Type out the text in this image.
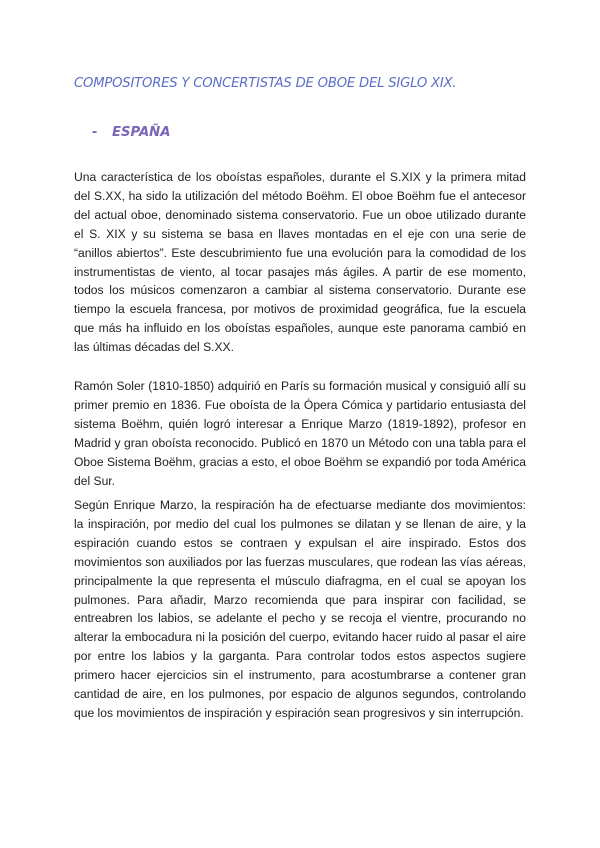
COMPOSITORES Y CONCERTISTAS DE OBOE DEL SIGLO XIX.
- ESPAÑA

Una característica de los oboístas españoles, durante el S.XIX y la primera mitad del S.XX, ha sido la utilización del método Boëhm. El oboe Boëhm fue el antecesor del actual oboe, denominado sistema conservatorio. Fue un oboe utilizado durante el S. XIX y su sistema se basa en llaves montadas en el eje con una serie de “anillos abiertos”. Este descubrimiento fue una evolución para la comodidad de los instrumentistas de viento, al tocar pasajes más ágiles. A partir de ese momento, todos los músicos comenzaron a cambiar al sistema conservatorio. Durante ese tiempo la escuela francesa, por motivos de proximidad geográfica, fue la escuela que más ha influido en los oboístas españoles, aunque este panorama cambió en las últimas décadas del S.XX.

Ramón Soler (1810-1850) adquirió en París su formación musical y consiguió allí su primer premio en 1836. Fue oboísta de la Ópera Cómica y partidario entusiasta del sistema Boëhm, quién logró interesar a Enrique Marzo (1819-1892), profesor en Madrid y gran oboísta reconocido. Publicó en 1870 un Método con una tabla para el Oboe Sistema Boëhm, gracias a esto, el oboe Boëhm se expandió por toda América del Sur.

Según Enrique Marzo, la respiración ha de efectuarse mediante dos movimientos: la inspiración, por medio del cual los pulmones se dilatan y se llenan de aire, y la espiración cuando estos se contraen y expulsan el aire inspirado. Estos dos movimientos son auxiliados por las fuerzas musculares, que rodean las vías aéreas, principalmente la que representa el músculo diafragma, en el cual se apoyan los pulmones. Para añadir, Marzo recomienda que para inspirar con facilidad, se entreabren los labios, se adelante el pecho y se recoja el vientre, procurando no alterar la embocadura ni la posición del cuerpo, evitando hacer ruido al pasar el aire por entre los labios y la garganta. Para controlar todos estos aspectos sugiere primero hacer ejercicios sin el instrumento, para acostumbrarse a contener gran cantidad de aire, en los pulmones, por espacio de algunos segundos, controlando que los movimientos de inspiración y espiración sean progresivos y sin interrupción.
